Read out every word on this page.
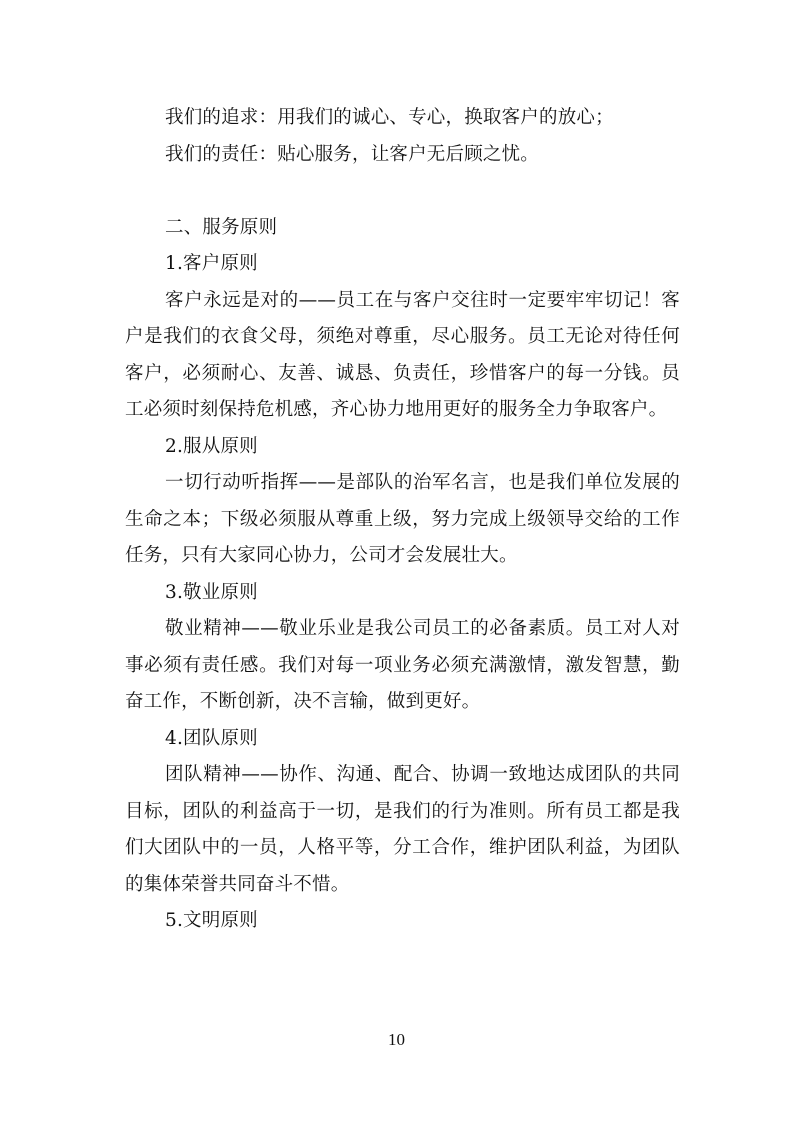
我们的追求：用我们的诚心、专心，换取客户的放心；
我们的责任：贴心服务，让客户无后顾之忧。
二、服务原则
1.客户原则
客户永远是对的——员工在与客户交往时一定要牢牢切记！客户是我们的衣食父母，须绝对尊重，尽心服务。员工无论对待任何客户，必须耐心、友善、诚恳、负责任，珍惜客户的每一分钱。员工必须时刻保持危机感，齐心协力地用更好的服务全力争取客户。
2.服从原则
一切行动听指挥——是部队的治军名言，也是我们单位发展的生命之本；下级必须服从尊重上级，努力完成上级领导交给的工作任务，只有大家同心协力，公司才会发展壮大。
3.敬业原则
敬业精神——敬业乐业是我公司员工的必备素质。员工对人对事必须有责任感。我们对每一项业务必须充满激情，激发智慧，勤奋工作，不断创新，决不言输，做到更好。
4.团队原则
团队精神——协作、沟通、配合、协调一致地达成团队的共同目标，团队的利益高于一切，是我们的行为准则。所有员工都是我们大团队中的一员，人格平等，分工合作，维护团队利益，为团队的集体荣誉共同奋斗不惜。
5.文明原则
10
